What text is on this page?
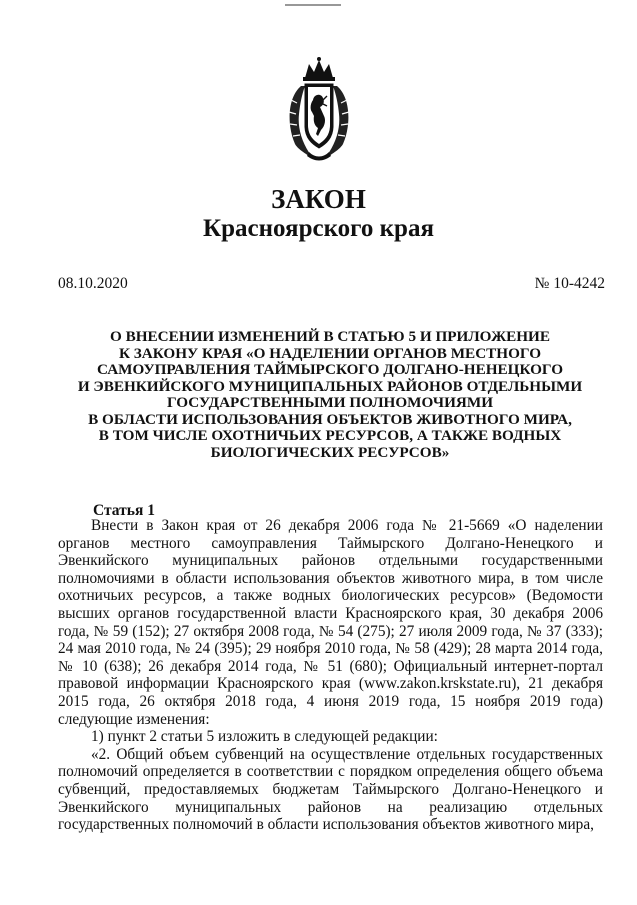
ЗАКОН
Красноярского края
08.10.2020	№ 10-4242
О ВНЕСЕНИИ ИЗМЕНЕНИЙ В СТАТЬЮ 5 И ПРИЛОЖЕНИЕ
К ЗАКОНУ КРАЯ «О НАДЕЛЕНИИ ОРГАНОВ МЕСТНОГО
САМОУПРАВЛЕНИЯ ТАЙМЫРСКОГО ДОЛГАНО-НЕНЕЦКОГО
И ЭВЕНКИЙСКОГО МУНИЦИПАЛЬНЫХ РАЙОНОВ ОТДЕЛЬНЫМИ
ГОСУДАРСТВЕННЫМИ ПОЛНОМОЧИЯМИ
В ОБЛАСТИ ИСПОЛЬЗОВАНИЯ ОБЪЕКТОВ ЖИВОТНОГО МИРА,
В ТОМ ЧИСЛЕ ОХОТНИЧЬИХ РЕСУРСОВ, А ТАКЖЕ ВОДНЫХ
БИОЛОГИЧЕСКИХ РЕСУРСОВ»
Статья 1

Внести в Закон края от 26 декабря 2006 года № 21-5669 «О наделении органов местного самоуправления Таймырского Долгано-Ненецкого и Эвенкийского муниципальных районов отдельными государственными полномочиями в области использования объектов животного мира, в том числе охотничьих ресурсов, а также водных биологических ресурсов» (Ведомости высших органов государственной власти Красноярского края, 30 декабря 2006 года, № 59 (152); 27 октября 2008 года, № 54 (275); 27 июля 2009 года, № 37 (333); 24 мая 2010 года, № 24 (395); 29 ноября 2010 года, № 58 (429); 28 марта 2014 года, № 10 (638); 26 декабря 2014 года, № 51 (680); Официальный интернет-портал правовой информации Красноярского края (www.zakon.krskstate.ru), 21 декабря 2015 года, 26 октября 2018 года, 4 июня 2019 года, 15 ноября 2019 года) следующие изменения:

1) пункт 2 статьи 5 изложить в следующей редакции:

«2. Общий объем субвенций на осуществление отдельных государственных полномочий определяется в соответствии с порядком определения общего объема субвенций, предоставляемых бюджетам Таймырского Долгано-Ненецкого и Эвенкийского муниципальных районов на реализацию отдельных государственных полномочий в области использования объектов животного мира,
